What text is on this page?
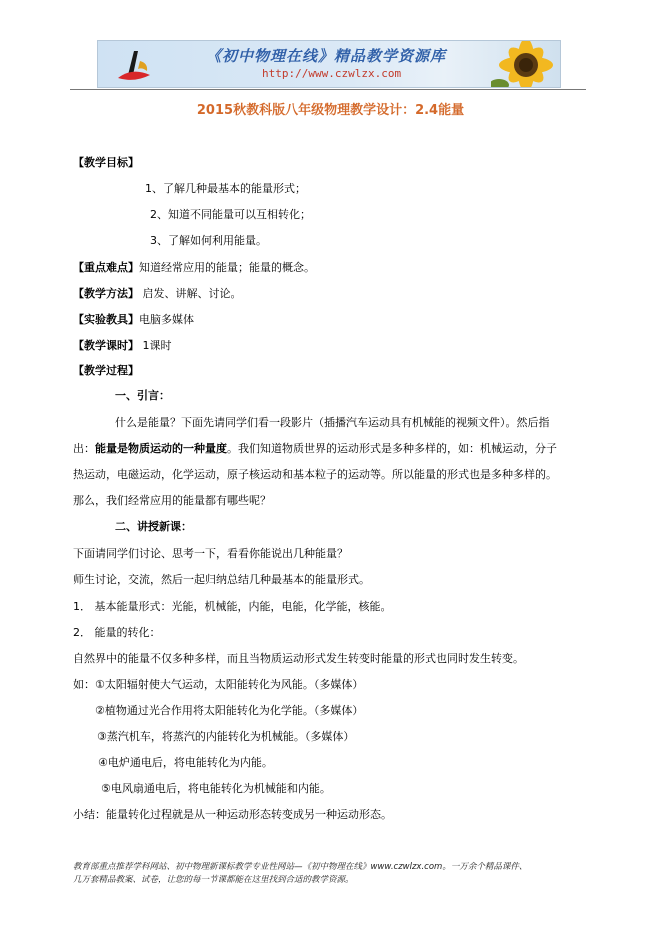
《初中物理在线》精品教学资源库
http://www.czwlzx.com
2015秋教科版八年级物理教学设计：2.4能量
【教学目标】
1、了解几种最基本的能量形式；
2、知道不同能量可以互相转化；
3、了解如何利用能量。
【重点难点】知道经常应用的能量；能量的概念。
【教学方法】 启发、讲解、讨论。
【实验教具】电脑多媒体
【教学课时】 1课时
【教学过程】
一、引言：
什么是能量？下面先请同学们看一段影片（插播汽车运动具有机械能的视频文件）。然后指
出：能量是物质运动的一种量度。我们知道物质世界的运动形式是多种多样的，如：机械运动，分子
热运动，电磁运动，化学运动，原子核运动和基本粒子的运动等。所以能量的形式也是多种多样的。
那么，我们经常应用的能量都有哪些呢？
二、讲授新课：
下面请同学们讨论、思考一下，看看你能说出几种能量？
师生讨论，交流，然后一起归纳总结几种最基本的能量形式。
1． 基本能量形式：光能，机械能，内能，电能，化学能，核能。
2． 能量的转化：
自然界中的能量不仅多种多样，而且当物质运动形式发生转变时能量的形式也同时发生转变。
如：①太阳辐射使大气运动，太阳能转化为风能。（多媒体）
②植物通过光合作用将太阳能转化为化学能。（多媒体）
③蒸汽机车，将蒸汽的内能转化为机械能。（多媒体）
④电炉通电后，将电能转化为内能。
⑤电风扇通电后，将电能转化为机械能和内能。
小结：能量转化过程就是从一种运动形态转变成另一种运动形态。
教育部重点推荐学科网站、初中物理新课标教学专业性网站—《初中物理在线》www.czwlzx.com。一万余个精品课件、
几万套精品教案、试卷，让您的每一节课都能在这里找到合适的教学资源。
